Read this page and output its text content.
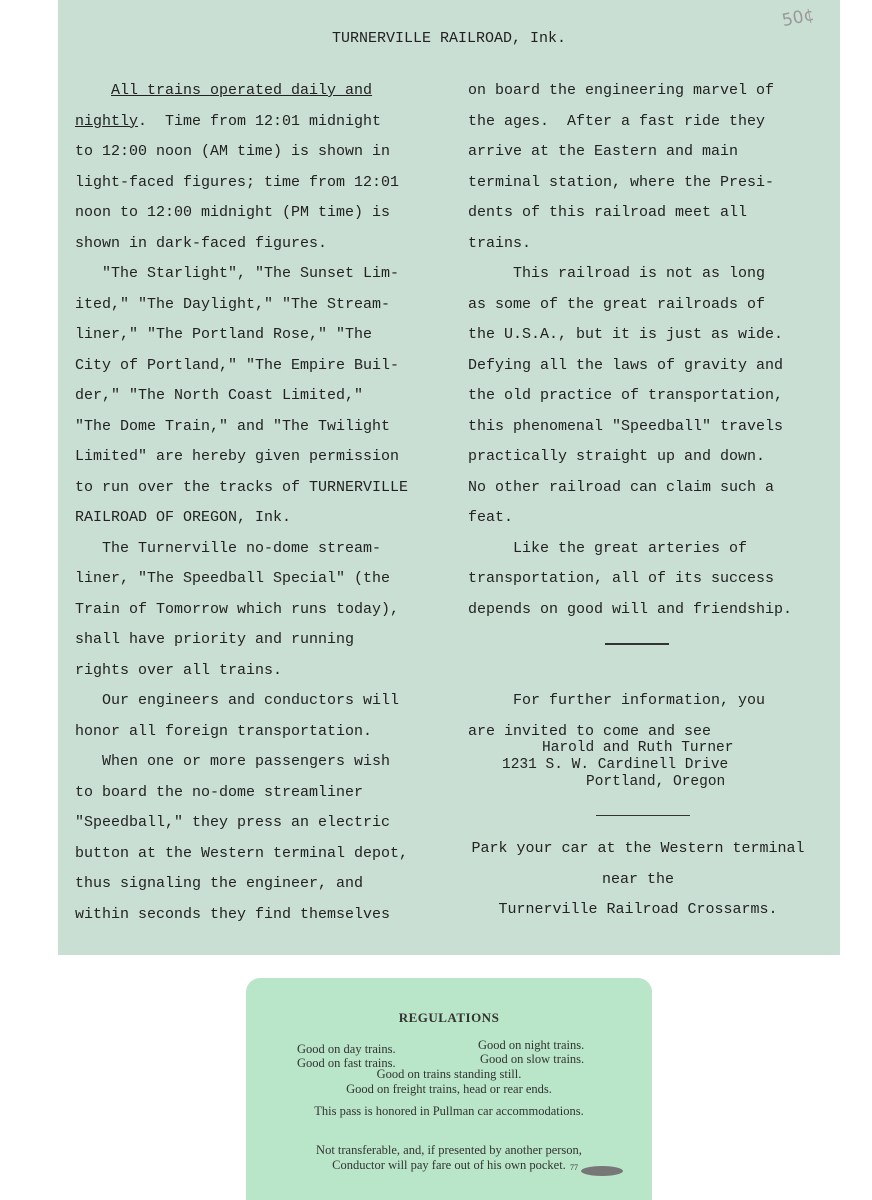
TURNERVILLE RAILROAD, Ink.
50¢
All trains operated daily and
nightly.  Time from 12:01 midnight
to 12:00 noon (AM time) is shown in
light-faced figures; time from 12:01
noon to 12:00 midnight (PM time) is
shown in dark-faced figures.
"The Starlight", "The Sunset Lim-
ited," "The Daylight," "The Stream-
liner," "The Portland Rose," "The
City of Portland," "The Empire Buil-
der," "The North Coast Limited,"
"The Dome Train," and "The Twilight
Limited" are hereby given permission
to run over the tracks of TURNERVILLE
RAILROAD OF OREGON, Ink.
The Turnerville no-dome stream-
liner, "The Speedball Special" (the
Train of Tomorrow which runs today),
shall have priority and running
rights over all trains.
Our engineers and conductors will
honor all foreign transportation.
When one or more passengers wish
to board the no-dome streamliner
"Speedball," they press an electric
button at the Western terminal depot,
thus signaling the engineer, and
within seconds they find themselves
on board the engineering marvel of
the ages.  After a fast ride they
arrive at the Eastern and main
terminal station, where the Presi-
dents of this railroad meet all
trains.
This railroad is not as long
as some of the great railroads of
the U.S.A., but it is just as wide.
Defying all the laws of gravity and
the old practice of transportation,
this phenomenal "Speedball" travels
practically straight up and down.
No other railroad can claim such a
feat.
Like the great arteries of
transportation, all of its success
depends on good will and friendship.

For further information, you
are invited to come and see
Harold and Ruth Turner
1231 S. W. Cardinell Drive
Portland, Oregon
Park your car at the Western terminal
near the
Turnerville Railroad Crossarms.
REGULATIONS
Good on day trains.	Good on night trains.
Good on fast trains.	Good on slow trains.
Good on trains standing still.
Good on freight trains, head or rear ends.
This pass is honored in Pullman car accommodations.
Not transferable, and, if presented by another person,
Conductor will pay fare out of his own pocket. 77
